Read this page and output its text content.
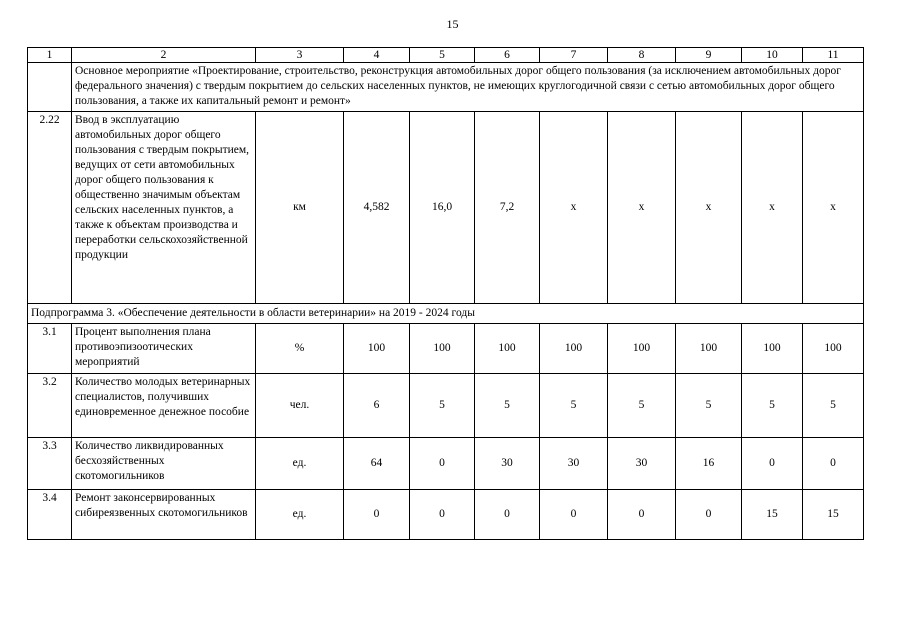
15
1	2	3	4	5	6	7	8	9	10	11
	Основное мероприятие «Проектирование, строительство, реконструкция автомобильных дорог общего пользования (за исключением автомобильных дорог федерального значения) с твердым покрытием до сельских населенных пунктов, не имеющих круглогодичной связи с сетью автомобильных дорог общего пользования, а также их капитальный ремонт и ремонт»									
2.22	Ввод в эксплуатацию автомобильных дорог общего пользования с твердым покрытием, ведущих от сети автомобильных дорог общего пользования к общественно значимым объектам сельских населенных пунктов, а также к объектам производства и переработки сельскохозяйственной продукции	км	4,582	16,0	7,2	х	х	х	х	х
Подпрограмма 3. «Обеспечение деятельности в области ветеринарии» на 2019 - 2024 годы										
3.1	Процент выполнения плана противоэпизоотических мероприятий	%	100	100	100	100	100	100	100	100
3.2	Количество молодых ветеринарных специалистов, получивших единовременное денежное пособие	чел.	6	5	5	5	5	5	5	5
3.3	Количество ликвидированных бесхозяйственных скотомогильников	ед.	64	0	30	30	30	16	0	0
3.4	Ремонт законсервированных сибиреязвенных скотомогильников	ед.	0	0	0	0	0	0	15	15
